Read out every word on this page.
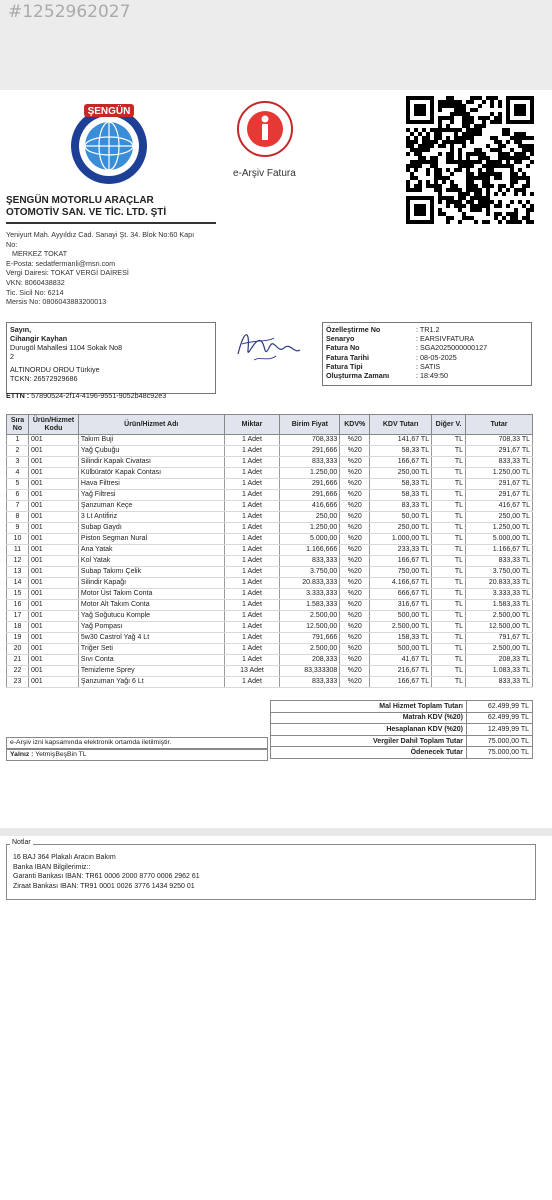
#1252962027
ŞENGÜN
e-Arşiv Fatura
ŞENGÜN MOTORLU ARAÇLAR
OTOMOTİV SAN. VE TİC. LTD. ŞTİ
Yeniyurt Mah. Ayyıldız Cad. Sanayi Şt. 34. Blok No:60 Kapı
No:
MERKEZ TOKAT
E-Posta: sedatfermanli@msn.com
Vergi Dairesi: TOKAT VERGİ DAİRESİ
VKN: 8060438832
Tic. Sicil No: 6214
Mersis No: 0806043883200013
Sayın,
Cihangir Kayhan
Durugöl Mahallesi 1104 Sokak No8
2
ALTINORDU ORDU Türkiye
TCKN: 26572929686
Özelleştirme No	: TR1.2
Senaryo	: EARSIVFATURA
Fatura No	: SGA2025000000127
Fatura Tarihi	: 08-05-2025
Fatura Tipi	: SATIS
Oluşturma Zamanı	: 18:49:50
ETTN : 57890524-2f14-4196-9551-9052b48c92e3
Sıra No	Ürün/Hizmet Kodu	Ürün/Hizmet Adı	Miktar	Birim Fiyat	KDV%	KDV Tutarı	Diğer V.	Tutar
1	001	Takım Buji	1 Adet	708,333	%20	141,67 TL	TL	708,33 TL
2	001	Yağ Çubuğu	1 Adet	291,666	%20	58,33 TL	TL	291,67 TL
3	001	Silindir Kapak Civatası	1 Adet	833,333	%20	166,67 TL	TL	833,33 TL
4	001	Külbüratör Kapak Contası	1 Adet	1.250,00	%20	250,00 TL	TL	1.250,00 TL
5	001	Hava Filtresi	1 Adet	291,666	%20	58,33 TL	TL	291,67 TL
6	001	Yağ Filtresi	1 Adet	291,666	%20	58,33 TL	TL	291,67 TL
7	001	Şanzuman Keçe	1 Adet	416,666	%20	83,33 TL	TL	416,67 TL
8	001	3 Lt Antifiriz	1 Adet	250,00	%20	50,00 TL	TL	250,00 TL
9	001	Subap Gaydı	1 Adet	1.250,00	%20	250,00 TL	TL	1.250,00 TL
10	001	Piston Segman Nural	1 Adet	5.000,00	%20	1.000,00 TL	TL	5.000,00 TL
11	001	Ana Yatak	1 Adet	1.166,666	%20	233,33 TL	TL	1.166,67 TL
12	001	Kol Yatak	1 Adet	833,333	%20	166,67 TL	TL	833,33 TL
13	001	Subap Takımı Çelik	1 Adet	3.750,00	%20	750,00 TL	TL	3.750,00 TL
14	001	Silindir Kapağı	1 Adet	20.833,333	%20	4.166,67 TL	TL	20.833,33 TL
15	001	Motor Üst Takım Conta	1 Adet	3.333,333	%20	666,67 TL	TL	3.333,33 TL
16	001	Motor Alt Takım Conta	1 Adet	1.583,333	%20	316,67 TL	TL	1.583,33 TL
17	001	Yağ Soğutucu Komple	1 Adet	2.500,00	%20	500,00 TL	TL	2.500,00 TL
18	001	Yağ Pompası	1 Adet	12.500,00	%20	2.500,00 TL	TL	12.500,00 TL
19	001	5w30 Castrol Yağ 4 Lt	1 Adet	791,666	%20	158,33 TL	TL	791,67 TL
20	001	Triğer Seti	1 Adet	2.500,00	%20	500,00 TL	TL	2.500,00 TL
21	001	Sıvı Conta	1 Adet	208,333	%20	41,67 TL	TL	208,33 TL
22	001	Temizleme Sprey	13 Adet	83,333308	%20	216,67 TL	TL	1.083,33 TL
23	001	Şanzuman Yağı 6 Lt	1 Adet	833,333	%20	166,67 TL	TL	833,33 TL
Mal Hizmet Toplam Tutarı	62.499,99 TL
Matrah KDV (%20)	62.499,99 TL
Hesaplanan KDV (%20)	12.499,99 TL
Vergiler Dahil Toplam Tutar	75.000,00 TL
Ödenecek Tutar	75.000,00 TL
e-Arşiv izni kapsamında elektronik ortamda iletilmiştir.
Yalnız : YetmişBeşBin TL
16 BAJ 364 Plakalı Aracın Bakım
Banka IBAN Bilgilerimiz::
Garanti Bankası IBAN: TR61 0006 2000 8770 0006 2962 61
Ziraat Bankası IBAN: TR91 0001 0026 3776 1434 9250 01
Notlar
